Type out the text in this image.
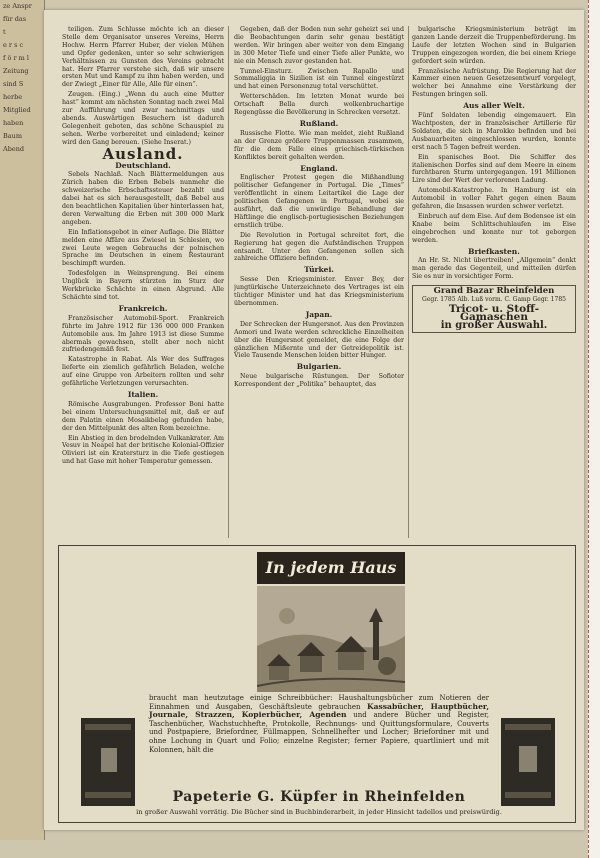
ze Anspr
für das
t
e r s c
f ö r m l
Zeitung
sind S
herbe
Mitglied
haben
Baum
Abend

teiligen. Zum Schlusse möchte ich an dieser Stelle dem Organisator unseres Vereins, Herrn Hochw. Herrn Pfarrer Huber, der vielen Mühen und Opfer gedenken, unter so sehr schwierigen Verhältnissen zu Gunsten des Vereins gebracht hat. Herr Pfarrer verstehe sich, daß wir unsere ersten Mut und Kampf zu ihm haben werden, und der Zwiegt „Einer für Alle, Alle für einen“.

Zeugen. (Eing.) „Wenn du auch eine Mutter hast“ kommt am nächsten Sonntag nach zwei Mal zur Aufführung und zwar nachmittags und abends. Auswärtigen Besuchern ist dadurch Gelegenheit geboten, das schöne Schauspiel zu sehen. Werbe vorbereitet und einladend; keiner wird den Gang bereuen. (Siehe Inserat.)

Ausland.
Deutschland.

Sebels Nachlaß. Nach Blättermeldungen aus Zürich haben die Erben Bebels nunmehr die schweizerische Erbschaftssteuer bezahlt und dabei hat es sich herausgestellt, daß Bebel aus den beachtlichen Kapitalien über hinterlassen hat, deren Verwaltung die Erben mit 300 000 Mark angeben.

Ein Inflationsgebot in einer Auflage. Die Blätter melden eine Affäre aus Zwiesel in Schlesien, wo zwei Leute wegen Gebrauchs der polnischen Sprache im Deutschen in einem Restaurant beschimpft wurden.

Todesfolgen in Weinsprengung. Bei einem Unglück in Bayern stürzten im Sturz der Werkbrücke Schächte in einen Abgrund. Alle Schächte sind tot.

Frankreich.

Französischer Automobil-Sport. Frankreich führte im Jahre 1912 für 136 000 000 Franken Automobile aus. Im Jahre 1913 ist diese Summe abermals gewachsen, stellt aber noch nicht zufriedengemäß fest.

Katastrophe in Rabat. Als Wer des Suffrages lieferte ein ziemlich gefährlich Beladen, welche auf eine Gruppe von Arbeitern rollten und sehr gefährliche Verletzungen verursachten.

Italien.

Römische Ausgrabungen. Professor Boni hatte bei einem Untersuchungsmittel mit, daß er auf dem Palatin einen Mosaikbelag gefunden habe, der den Mittelpunkt des alten Rom bezeichne.

Ein Abstieg in den brodelnden Vulkankrater. Am Vesuv in Neapel hat der britische Kolonial-Offizier Olivieri ist ein Kratersturz in die Tiefe gestiegen und hat Gase mit hoher Temperatur gemessen.

Gegeben, daß der Boden nun sehr geheizt sei und die Beobachtungen darin sehr genau bestätigt werden. Wir bringen aber weiter von dem Eingang in 300 Meter Tiefe und einer Tiefe aller Punkte, wo nie ein Mensch zuvor gestanden hat.

Tunnel-Einsturz. Zwischen Rapallo und Sommaliggia in Sizilien ist ein Tunnel eingestürzt und hat einen Personenzug total verschüttet.

Wetterschäden. Im letzten Monat wurde bei Ortschaft Bella durch wolkenbruchartige Regengüsse die Bevölkerung in Schrecken versetzt.

Rußland.

Russische Flotte. Wie man meldet, zieht Rußland an der Grenze größere Truppenmassen zusammen, für die dem Falle eines griechisch-türkischen Konfliktes bereit gehalten werden.

England.

Englischer Protest gegen die Mißhandlung politischer Gefangener in Portugal. Die „Times“ veröffentlicht in einem Leitartikel die Lage der politischen Gefangenen in Portugal, wobei sie ausführt, daß die unwürdige Behandlung der Häftlinge die englisch-portugiesischen Beziehungen ernstlich trübe.

Die Revolution in Portugal schreitet fort, die Regierung hat gegen die Aufständischen Truppen entsandt. Unter den Gefangenen sollen sich zahlreiche Offiziere befinden.

Türkei.

Sesse Den Kriegsminister. Enver Bey, der jungtürkische Unterzeichnete des Vertrages ist ein tüchtiger Minister und hat das Kriegsministerium übernommen.

Japan.

Der Schrecken der Hungersnot. Aus den Provinzen Aomori und Iwate werden schreckliche Einzelheiten über die Hungersnot gemeldet, die eine Folge der gänzlichen Mißernte und der Getreidepolitik ist. Viele Tausende Menschen leiden bitter Hunger.

Bulgarien.

Neue bulgarische Rüstungen. Der Sofioter Korrespondent der „Politika“ behauptet, das

bulgarische Kriegsministerium beträgt im ganzen Lande derzeit die Truppenbeförderung. Im Laufe der letzten Wochen sind in Bulgarien Truppen eingezogen worden, die bei einem Kriege gefordert sein würden.

Französische Aufrüstung. Die Regierung hat der Kammer einen neuen Gesetzesentwurf vorgelegt, welcher bei Annahme eine Verstärkung der Festungen bringen soll.

Aus aller Welt.

Fünf Soldaten lebendig eingemauert. Ein Wachtposten, der in französischer Artillerie für Soldaten, die sich in Marokko befinden und bei Ausbauarbeiten eingeschlossen wurden, konnte erst nach 5 Tagen befreit werden.

Ein spanisches Boot. Die Schiffer des italienischen Dorfes sind auf dem Meere in einem furchtbaren Sturm untergegangen. 191 Millionen Lire sind der Wert der verlorenen Ladung.

Automobil-Katastrophe. In Hamburg ist ein Automobil in voller Fahrt gegen einen Baum gefahren, die Insassen wurden schwer verletzt.

Einbruch auf dem Eise. Auf dem Bodensee ist ein Knabe beim Schlittschuhlaufen im Eise eingebrochen und konnte nur tot geborgen werden.

Briefkasten.

An Hr. St. Nicht übertreiben! „Allgemein“ denkt man gerade das Gegenteil, und mitteilen dürfen Sie es nur in vorsichtiger Form.

Grand Bazar Rheinfelden
Gegr. 1785 Alb. Luß vorm. C. Gamp Gegr. 1785
Tricot- u. Stoff-Gamaschen
in großer Auswahl.
In jedem Haus
braucht man heutzutage einige Schreibbücher: Haushaltungsbücher zum Notieren der Einnahmen und Ausgaben, Geschäftsleute gebrauchen Kassabücher, Hauptbücher, Journale, Strazzen, Kopierbücher, Agenden und andere Bücher und Register, Taschenbücher, Wachstuchhefte, Protokolle, Rechnungs- und Quittungsformulare, Couverts und Postpapiere, Briefordner, Füllmappen, Schnellhefter und Locher; Briefordner mit und ohne Lochung in Quart und Folio; einzelne Register; ferner Papiere, quartliniert und mit Kolonnen, hält die
Papeterie G. Küpfer in Rheinfelden
in großer Auswahl vorrätig. Die Bücher sind in Buchbinderarbeit, in jeder Hinsicht tadellos und preiswürdig.
